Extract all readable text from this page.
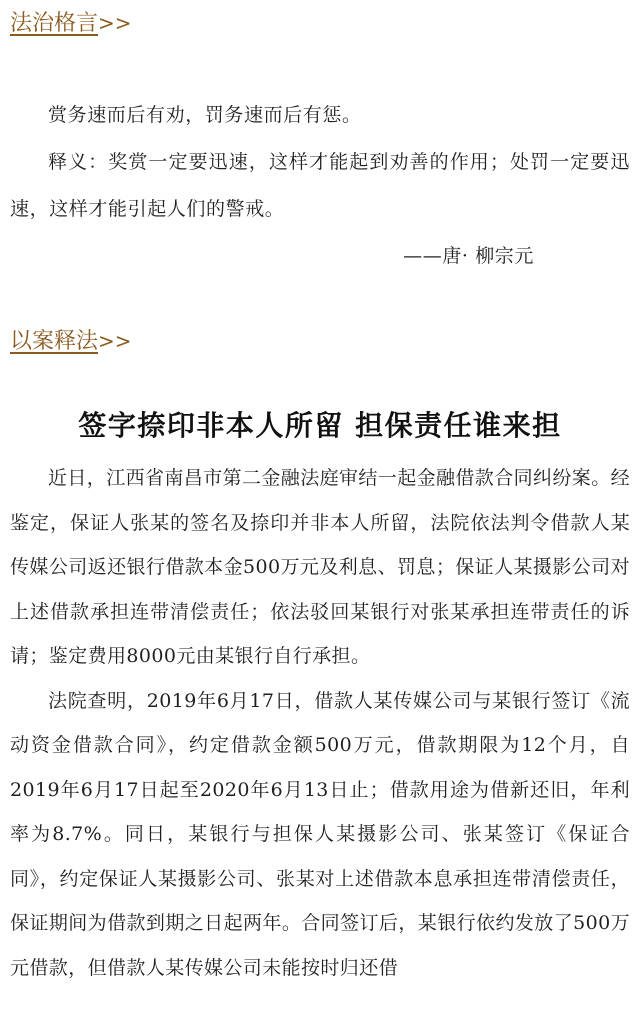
法治格言>>

赏务速而后有劝，罚务速而后有惩。

释义：奖赏一定要迅速，这样才能起到劝善的作用；处罚一定要迅速，这样才能引起人们的警戒。

——唐· 柳宗元

以案释法>>
签字捺印非本人所留 担保责任谁来担

近日，江西省南昌市第二金融法庭审结一起金融借款合同纠纷案。经鉴定，保证人张某的签名及捺印并非本人所留，法院依法判令借款人某传媒公司返还银行借款本金500万元及利息、罚息；保证人某摄影公司对上述借款承担连带清偿责任；依法驳回某银行对张某承担连带责任的诉请；鉴定费用8000元由某银行自行承担。

法院查明，2019年6月17日，借款人某传媒公司与某银行签订《流动资金借款合同》，约定借款金额500万元，借款期限为12个月，自2019年6月17日起至2020年6月13日止；借款用途为借新还旧，年利率为8.7%。同日，某银行与担保人某摄影公司、张某签订《保证合同》，约定保证人某摄影公司、张某对上述借款本息承担连带清偿责任，保证期间为借款到期之日起两年。合同签订后，某银行依约发放了500万元借款，但借款人某传媒公司未能按时归还借
